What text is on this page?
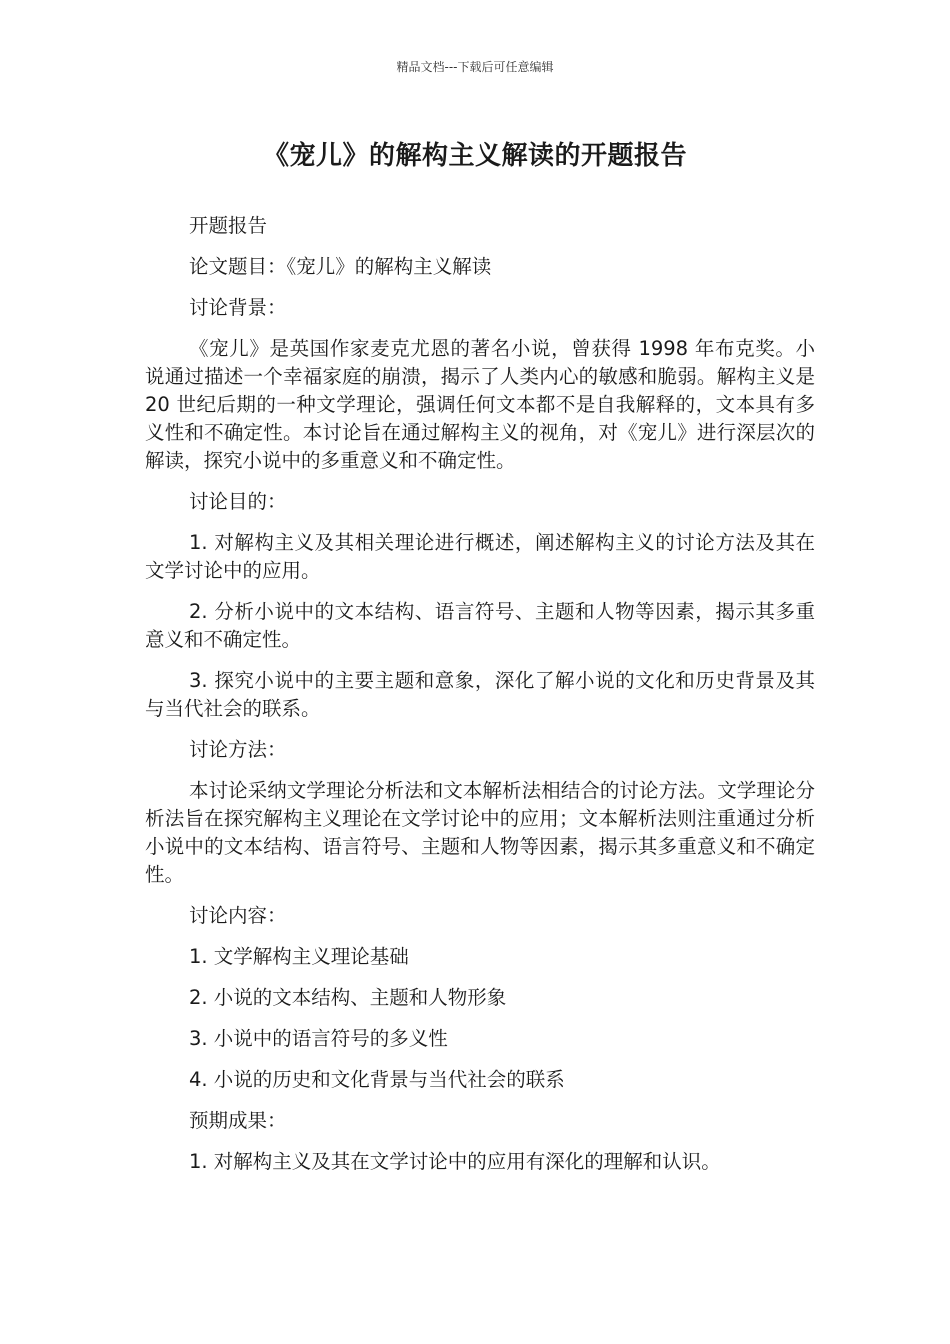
精品文档---下载后可任意编辑
《宠儿》的解构主义解读的开题报告

开题报告

论文题目：《宠儿》的解构主义解读

讨论背景：

《宠儿》是英国作家麦克尤恩的著名小说，曾获得 1998 年布克奖。小说通过描述一个幸福家庭的崩溃，揭示了人类内心的敏感和脆弱。解构主义是 20 世纪后期的一种文学理论，强调任何文本都不是自我解释的，文本具有多义性和不确定性。本讨论旨在通过解构主义的视角，对《宠儿》进行深层次的解读，探究小说中的多重意义和不确定性。

讨论目的：

1. 对解构主义及其相关理论进行概述，阐述解构主义的讨论方法及其在文学讨论中的应用。

2. 分析小说中的文本结构、语言符号、主题和人物等因素，揭示其多重意义和不确定性。

3. 探究小说中的主要主题和意象，深化了解小说的文化和历史背景及其与当代社会的联系。

讨论方法：

本讨论采纳文学理论分析法和文本解析法相结合的讨论方法。文学理论分析法旨在探究解构主义理论在文学讨论中的应用；文本解析法则注重通过分析小说中的文本结构、语言符号、主题和人物等因素，揭示其多重意义和不确定性。

讨论内容：

1. 文学解构主义理论基础

2. 小说的文本结构、主题和人物形象

3. 小说中的语言符号的多义性

4. 小说的历史和文化背景与当代社会的联系

预期成果：

1. 对解构主义及其在文学讨论中的应用有深化的理解和认识。
